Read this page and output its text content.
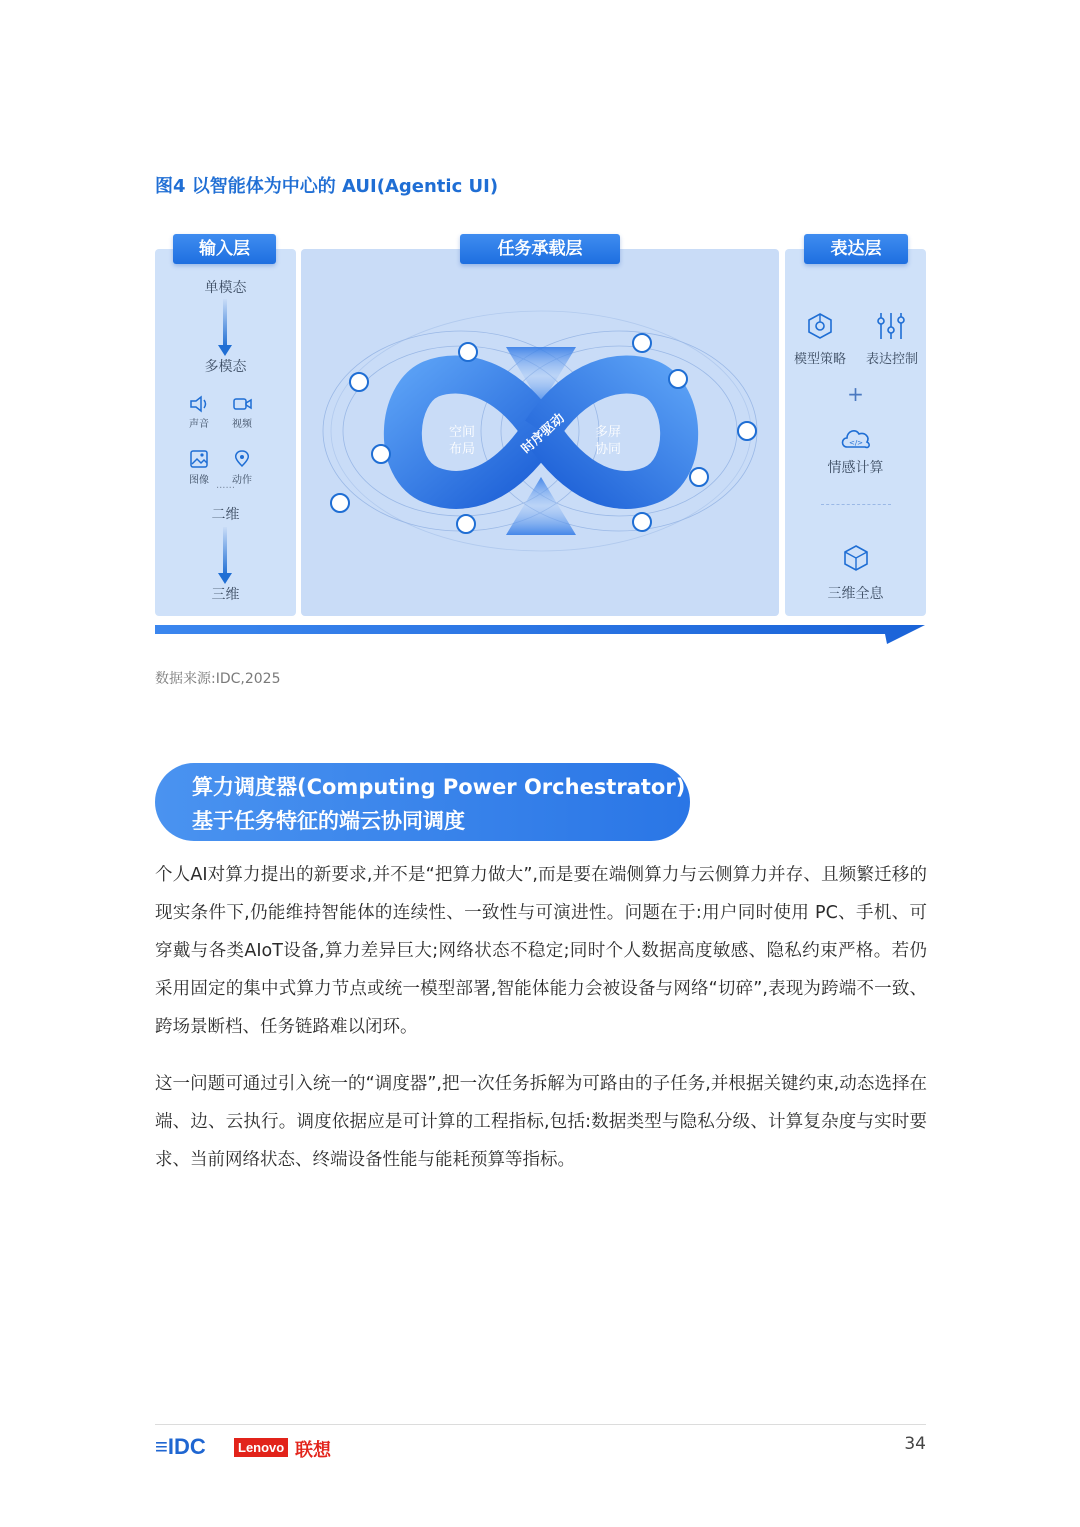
图4 以智能体为中心的 AUI(Agentic UI)
单模态
多模态
声音	视频
图像	动作
······
二维
三维
空间
布局
多屏
协同
时序驱动
模型策略	表达控制
+
</>
情感计算
三维全息
输入层	任务承载层	表达层
数据来源:IDC,2025
算力调度器(Computing Power Orchestrator)
基于任务特征的端云协同调度
个人AI对算力提出的新要求,并不是“把算力做大”,而是要在端侧算力与云侧算力并存、且频繁迁移的现实条件下,仍能维持智能体的连续性、一致性与可演进性。问题在于:用户同时使用 PC、手机、可穿戴与各类AIoT设备,算力差异巨大;网络状态不稳定;同时个人数据高度敏感、隐私约束严格。若仍采用固定的集中式算力节点或统一模型部署,智能体能力会被设备与网络“切碎”,表现为跨端不一致、跨场景断档、任务链路难以闭环。
这一问题可通过引入统一的“调度器”,把一次任务拆解为可路由的子任务,并根据关键约束,动态选择在端、边、云执行。调度依据应是可计算的工程指标,包括:数据类型与隐私分级、计算复杂度与实时要求、当前网络状态、终端设备性能与能耗预算等指标。
≡IDC	Lenovo 联想	34
